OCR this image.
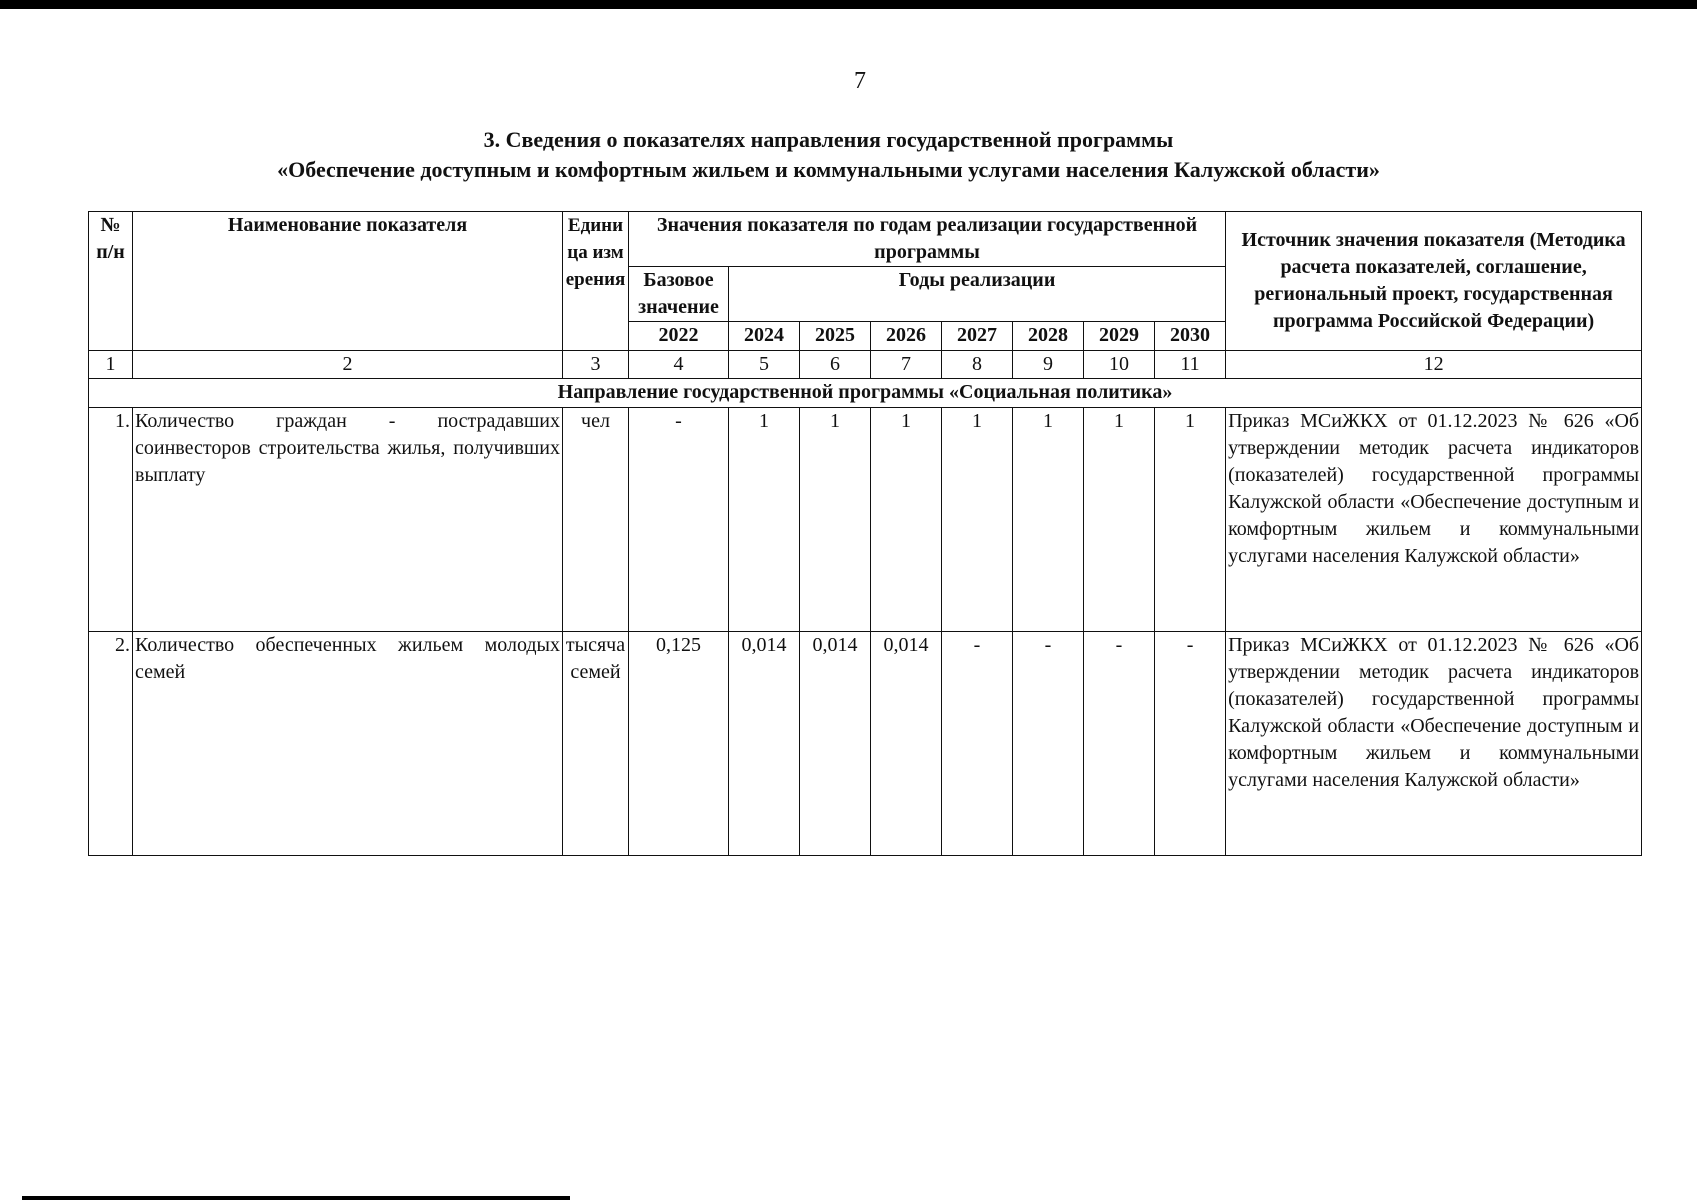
7
3. Сведения о показателях направления государственной программы
«Обеспечение доступным и комфортным жильем и коммунальными услугами населения Калужской области»
№ п/н	Наименование показателя	Единица измерения	Значения показателя по годам реализации государственной программы								Источник значения показателя (Методика расчета показателей, соглашение, региональный проект, государственная программа Российской Федерации)
			Базовое значение	Годы реализации							
			2022	2024	2025	2026	2027	2028	2029	2030	
1	2	3	4	5	6	7	8	9	10	11	12
Направление государственной программы «Социальная политика»											
1.	Количество граждан - пострадавших соинвесторов строительства жилья, получивших выплату	чел	-	1	1	1	1	1	1	1	Приказ МСиЖКХ от 01.12.2023 № 626 «Об утверждении методик расчета индикаторов (показателей) государственной программы Калужской области «Обеспечение доступным и комфортным жильем и коммунальными услугами населения Калужской области»
2.	Количество обеспеченных жильем молодых семей	тысяча семей	0,125	0,014	0,014	0,014	-	-	-	-	Приказ МСиЖКХ от 01.12.2023 № 626 «Об утверждении методик расчета индикаторов (показателей) государственной программы Калужской области «Обеспечение доступным и комфортным жильем и коммунальными услугами населения Калужской области»
